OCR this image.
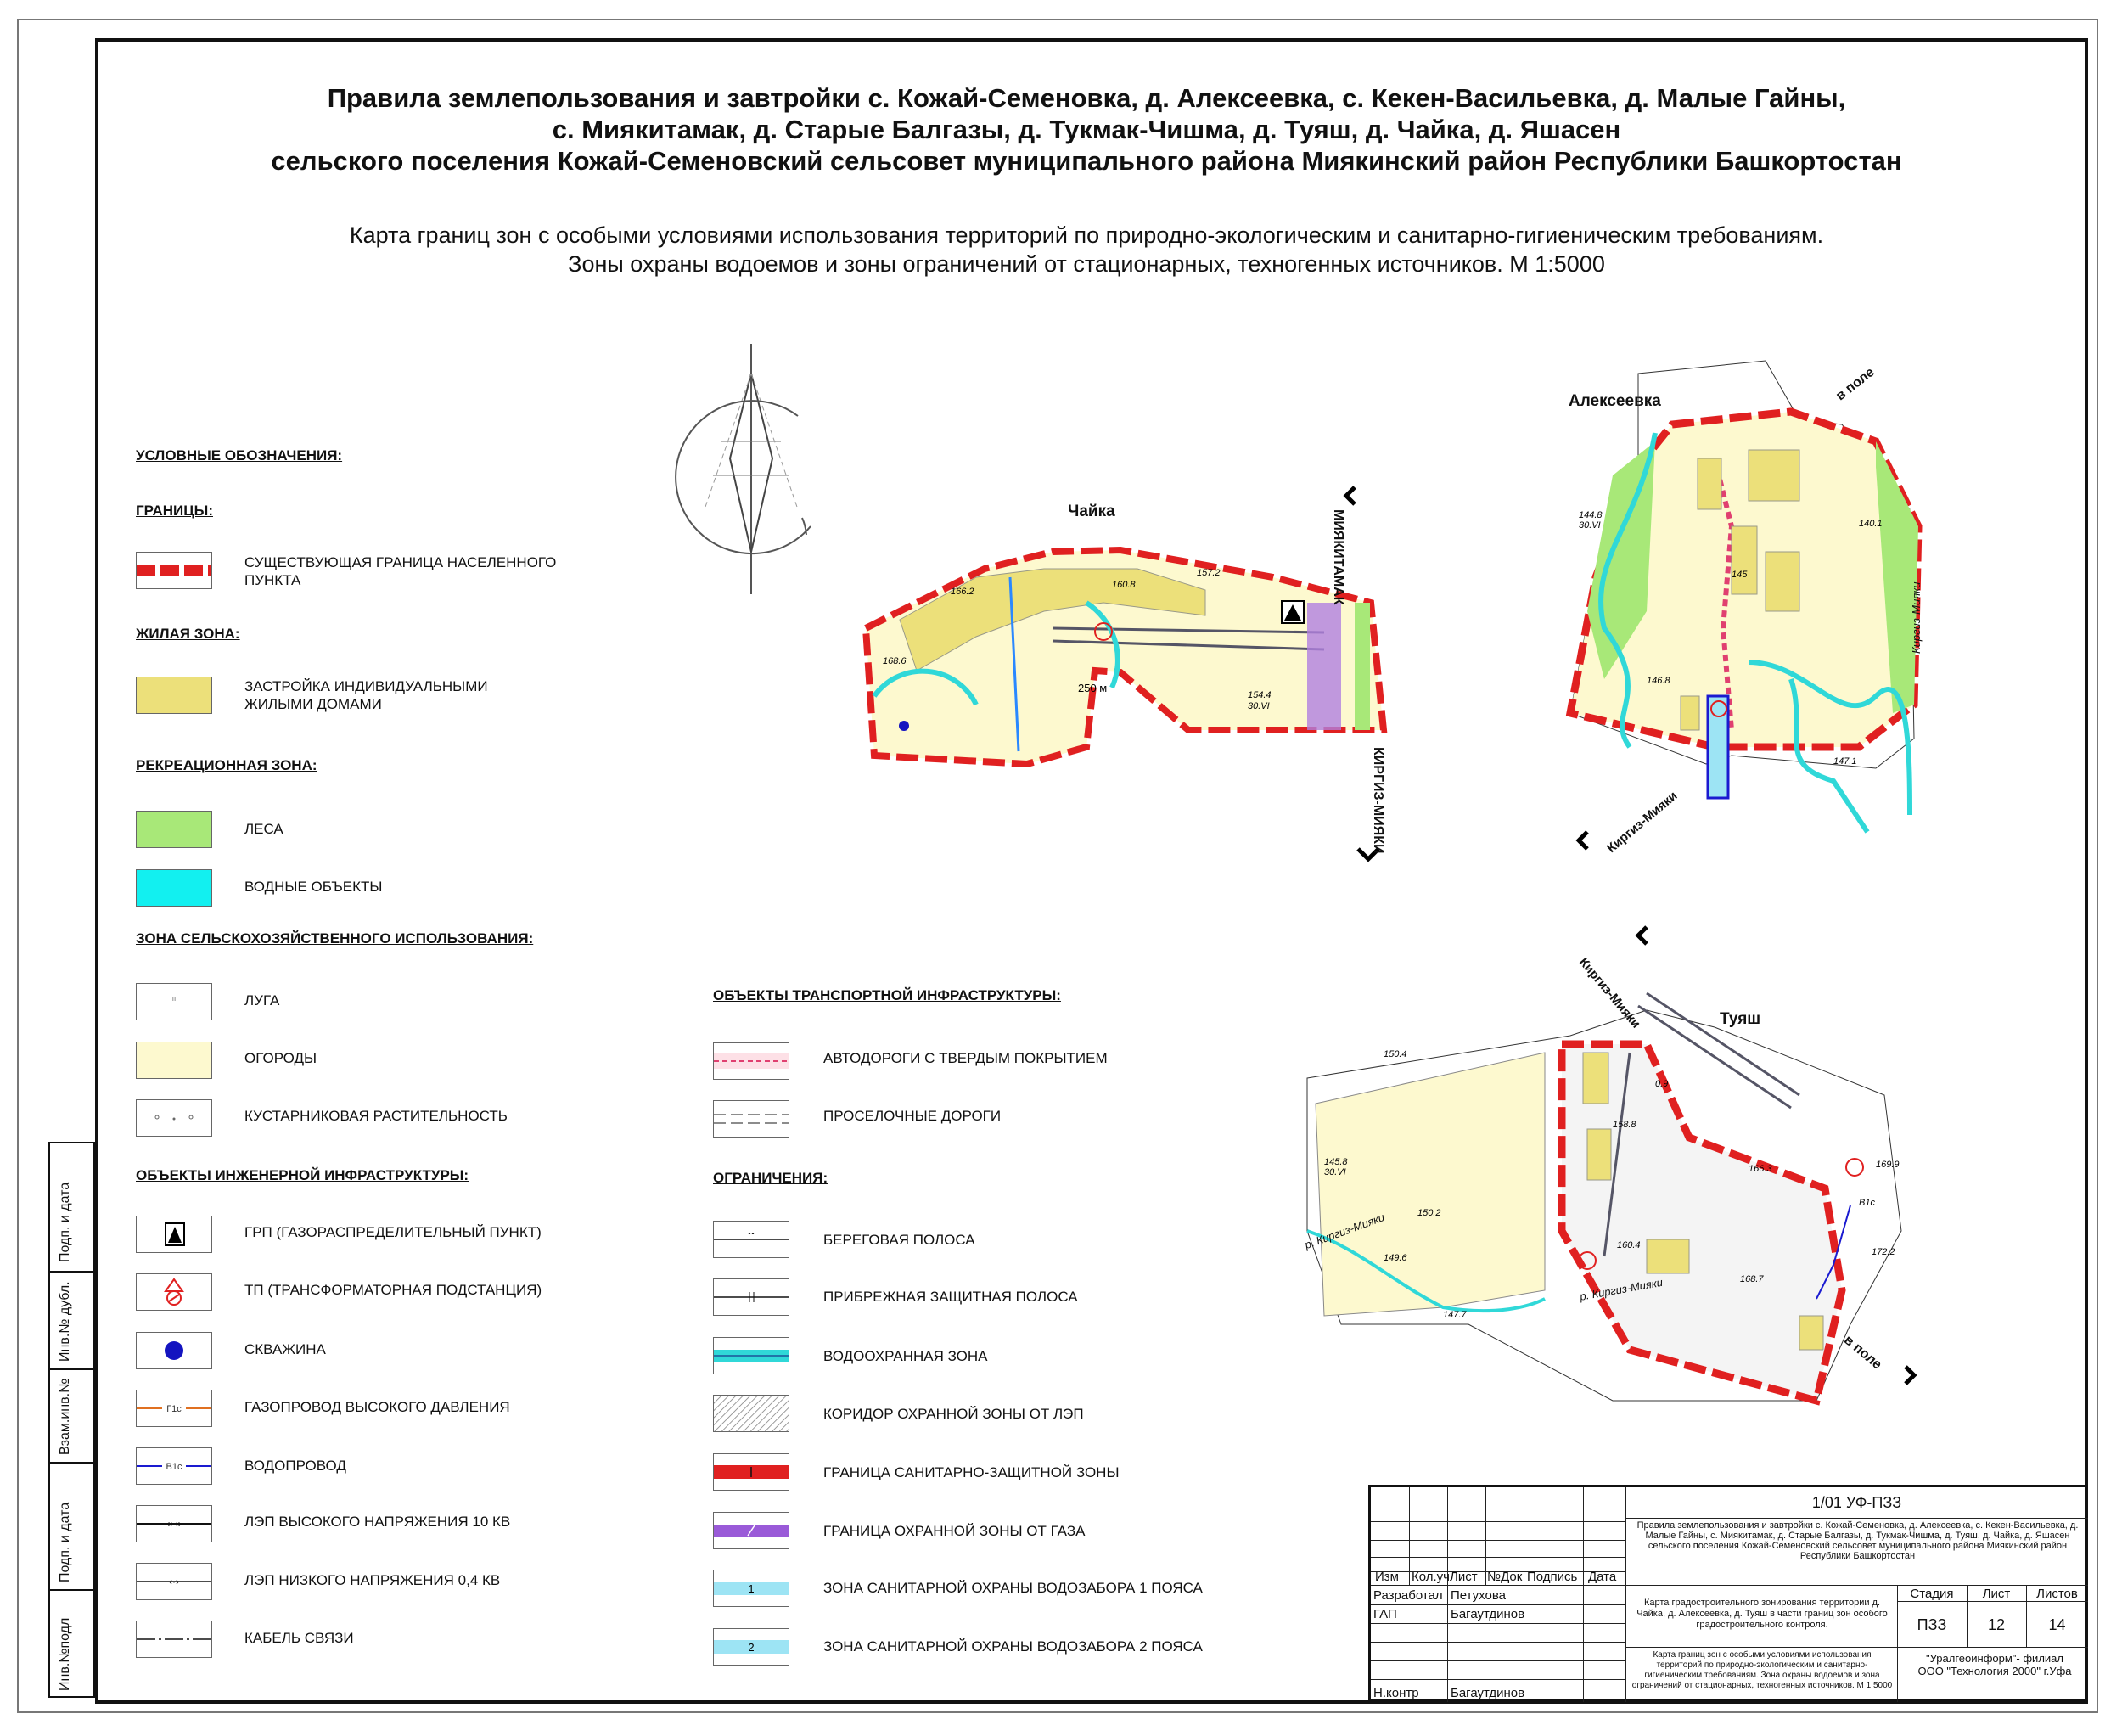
Правила землепользования и завтройки с. Кожай-Семеновка, д. Алексеевка, с. Кекен-Васильевка, д. Малые Гайны,
с. Миякитамак, д. Старые Балгазы, д. Тукмак-Чишма, д. Туяш, д. Чайка, д. Яшасен
сельского поселения Кожай-Семеновский сельсовет муниципального района Миякинский район Республики Башкортостан
Карта границ зон с особыми условиями использования территорий по природно-экологическим и санитарно-гигиеническим требованиям.
Зоны охраны водоемов и зоны ограничений от стационарных, техногенных источников. М 1:5000
УСЛОВНЫЕ ОБОЗНАЧЕНИЯ:
ГРАНИЦЫ:
СУЩЕСТВУЮЩАЯ ГРАНИЦА НАСЕЛЕННОГО ПУНКТА
ЖИЛАЯ ЗОНА:
ЗАСТРОЙКА ИНДИВИДУАЛЬНЫМИ ЖИЛЫМИ ДОМАМИ
РЕКРЕАЦИОННАЯ ЗОНА:
ЛЕСА
ВОДНЫЕ ОБЪЕКТЫ
ЗОНА СЕЛЬСКОХОЗЯЙСТВЕННОГО ИСПОЛЬЗОВАНИЯ:
ıı	ЛУГА
ОГОРОДЫ
КУСТАРНИКОВАЯ РАСТИТЕЛЬНОСТЬ
ОБЪЕКТЫ ИНЖЕНЕРНОЙ ИНФРАСТРУКТУРЫ:
ГРП (ГАЗОРАСПРЕДЕЛИТЕЛЬНЫЙ ПУНКТ)
ТП (ТРАНСФОРМАТОРНАЯ ПОДСТАНЦИЯ)
СКВАЖИНА
Г1с	ГАЗОПРОВОД ВЫСОКОГО ДАВЛЕНИЯ
В1с	ВОДОПРОВОД
«·»	ЛЭП ВЫСОКОГО НАПРЯЖЕНИЯ 10 КВ
‹·›	ЛЭП НИЗКОГО НАПРЯЖЕНИЯ 0,4 КВ
КАБЕЛЬ СВЯЗИ
ОБЪЕКТЫ ТРАНСПОРТНОЙ ИНФРАСТРУКТУРЫ:
АВТОДОРОГИ С ТВЕРДЫМ ПОКРЫТИЕМ
ПРОСЕЛОЧНЫЕ ДОРОГИ
ОГРАНИЧЕНИЯ:
ˇˇ	БЕРЕГОВАЯ ПОЛОСА
ПРИБРЕЖНАЯ ЗАЩИТНАЯ ПОЛОСА
ВОДООХРАННАЯ ЗОНА
КОРИДОР ОХРАННОЙ ЗОНЫ ОТ ЛЭП
ГРАНИЦА САНИТАРНО-ЗАЩИТНОЙ ЗОНЫ
ГРАНИЦА ОХРАННОЙ ЗОНЫ ОТ ГАЗА
1	ЗОНА САНИТАРНОЙ ОХРАНЫ ВОДОЗАБОРА 1 ПОЯСА
2	ЗОНА САНИТАРНОЙ ОХРАНЫ ВОДОЗАБОРА 2 ПОЯСА
Чайка
250 м
166.2
157.2
154.4
30.VI
168.6
160.8	МИЯКИТАМАК
КИРГИЗ-МИЯКИ
Алексеевка
144.8
30.VI	140.1
147.1
146.8
145
в поле
Киргиз-Мияки
Киргиз-Мияки
Туяш
150.4
145.8
30.VI
150.2
149.6
147.7
166.3	169.9
172.2
168.7
160.4
158.8
В1с
0.9
р. Киргиз-Мияки
р. Киргиз-Мияки
Киргиз-Мияки
в поле
Подп. и дата
Инв.№ дубл.
Взам.инв.№
Подп. и дата
Инв.№подл
1/01 УФ-ПЗЗ
Правила землепользования и завтройки с. Кожай-Семеновка, д. Алексеевка, с. Кекен-Васильевка, д. Малые Гайны, с. Миякитамак, д. Старые Балгазы, д. Тукмак-Чишма, д. Туяш, д. Чайка, д. Яшасен сельского поселения Кожай-Семеновский сельсовет муниципального района Миякинский район Республики Башкортостан
Изм Кол.уч Лист №Док Подпись Дата
Разработал Петухова
ГАП	Багаутдинов
Н.контр Багаутдинов
Карта градостроительного зонирования территории д. Чайка, д. Алексеевка, д. Туяш в части границ зон особого градостроительного контроля.
Стадия	Лист	Листов
ПЗЗ	12	14
Карта границ зон с особыми условиями использования территорий по природно-экологическим и санитарно-гигиеническим требованиям. Зона охраны водоемов и зона ограничений от стационарных, техногенных источников. М 1:5000
"Уралгеоинформ"- филиал ООО "Технология 2000" г.Уфа
